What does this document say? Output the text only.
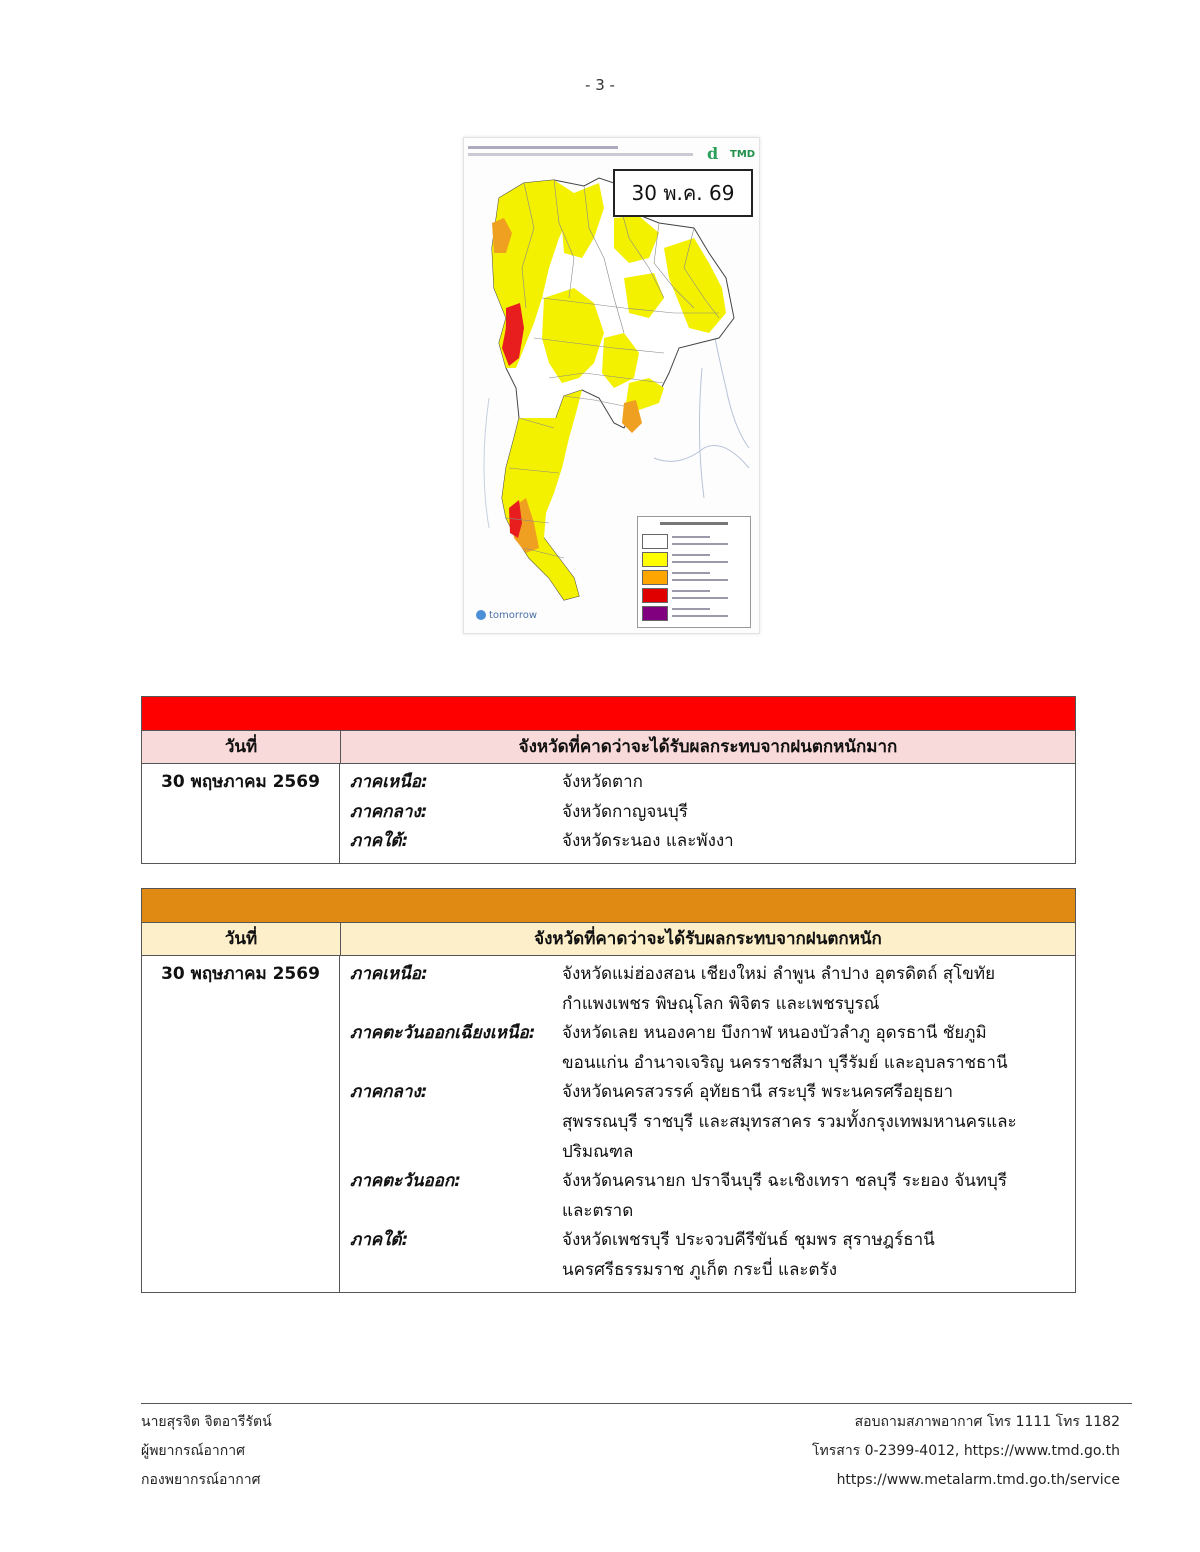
- 3 -
d TMD
30 พ.ค. 69
tomorrow
วันที่	จังหวัดที่คาดว่าจะได้รับผลกระทบจากฝนตกหนักมาก
30 พฤษภาคม 2569	ภาคเหนือ:	จังหวัดตาก
ภาคกลาง:	จังหวัดกาญจนบุรี
ภาคใต้:	จังหวัดระนอง และพังงา
วันที่	จังหวัดที่คาดว่าจะได้รับผลกระทบจากฝนตกหนัก
30 พฤษภาคม 2569	ภาคเหนือ:	จังหวัดแม่ฮ่องสอน เชียงใหม่ ลำพูน ลำปาง อุตรดิตถ์ สุโขทัย
กำแพงเพชร พิษณุโลก พิจิตร และเพชรบูรณ์
ภาคตะวันออกเฉียงเหนือ:	จังหวัดเลย หนองคาย บึงกาฬ หนองบัวลำภู อุดรธานี ชัยภูมิ
ขอนแก่น อำนาจเจริญ นครราชสีมา บุรีรัมย์ และอุบลราชธานี
ภาคกลาง:	จังหวัดนครสวรรค์ อุทัยธานี สระบุรี พระนครศรีอยุธยา
สุพรรณบุรี ราชบุรี และสมุทรสาคร รวมทั้งกรุงเทพมหานครและ
ปริมณฑล
ภาคตะวันออก:	จังหวัดนครนายก ปราจีนบุรี ฉะเชิงเทรา ชลบุรี ระยอง จันทบุรี
และตราด
ภาคใต้:	จังหวัดเพชรบุรี ประจวบคีรีขันธ์ ชุมพร สุราษฎร์ธานี
นครศรีธรรมราช ภูเก็ต กระบี่ และตรัง
นายสุรจิต จิตอารีรัตน์
ผู้พยากรณ์อากาศ
กองพยากรณ์อากาศ
สอบถามสภาพอากาศ โทร 1111 โทร 1182
โทรสาร 0-2399-4012, https://www.tmd.go.th
https://www.metalarm.tmd.go.th/service
